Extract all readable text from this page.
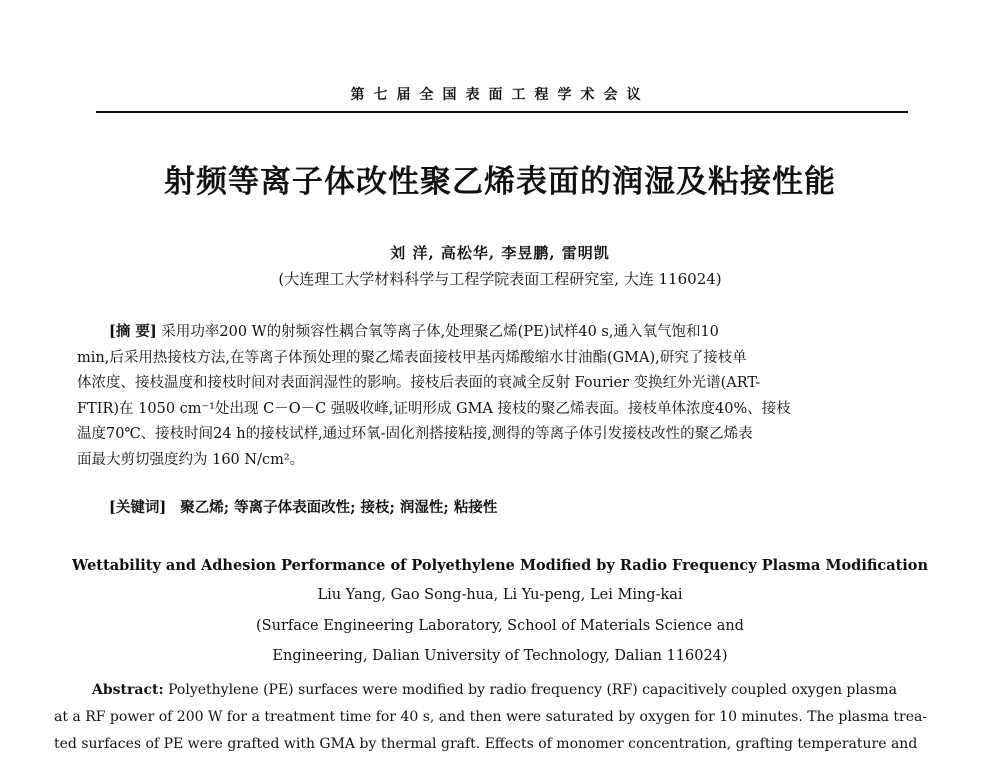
第七届全国表面工程学术会议
射频等离子体改性聚乙烯表面的润湿及粘接性能
刘 洋, 高松华, 李昱鹏, 雷明凯
(大连理工大学材料科学与工程学院表面工程研究室, 大连 116024)
[摘 要] 采用功率200 W的射频容性耦合氧等离子体,处理聚乙烯(PE)试样40 s,通入氧气饱和10
min,后采用热接枝方法,在等离子体预处理的聚乙烯表面接枝甲基丙烯酸缩水甘油酯(GMA),研究了接枝单
体浓度、接枝温度和接枝时间对表面润湿性的影响。接枝后表面的衰减全反射 Fourier 变换红外光谱(ART-
FTIR)在 1050 cm⁻¹处出现 C－O－C 强吸收峰,证明形成 GMA 接枝的聚乙烯表面。接枝单体浓度40%、接枝
温度70℃、接枝时间24 h的接枝试样,通过环氧-固化剂搭接粘接,测得的等离子体引发接枝改性的聚乙烯表
面最大剪切强度约为 160 N/cm²。
[关键词] 聚乙烯; 等离子体表面改性; 接枝; 润湿性; 粘接性
Wettability and Adhesion Performance of Polyethylene Modified by Radio Frequency Plasma Modification
Liu Yang, Gao Song-hua, Li Yu-peng, Lei Ming-kai
(Surface Engineering Laboratory, School of Materials Science and
Engineering, Dalian University of Technology, Dalian 116024)
Abstract: Polyethylene (PE) surfaces were modified by radio frequency (RF) capacitively coupled oxygen plasma
at a RF power of 200 W for a treatment time for 40 s, and then were saturated by oxygen for 10 minutes. The plasma trea-
ted surfaces of PE were grafted with GMA by thermal graft. Effects of monomer concentration, grafting temperature and
